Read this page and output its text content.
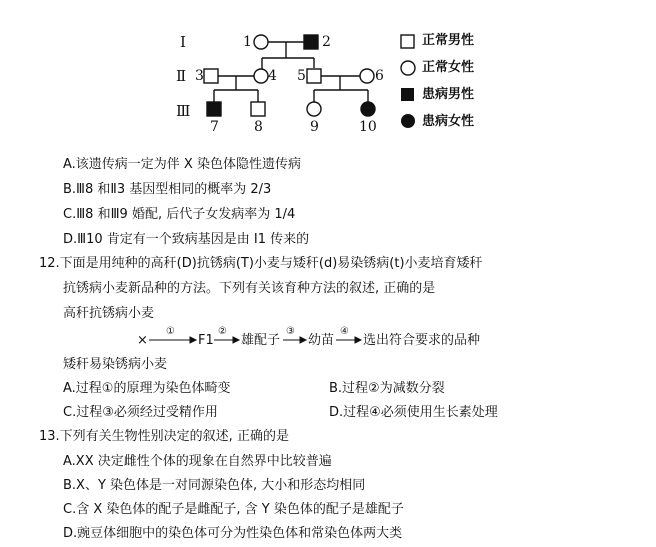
I
Ⅱ
Ⅲ
1	2
3	4 5	6
7	8	9	10
正常男性
正常女性
患病男性
患病女性
A.该遗传病一定为伴 X 染色体隐性遗传病
B.Ⅲ8 和Ⅱ3 基因型相同的概率为 2/3
C.Ⅲ8 和Ⅲ9 婚配, 后代子女发病率为 1/4
D.Ⅲ10 肯定有一个致病基因是由 I1 传来的
12.下面是用纯种的高秆(D)抗锈病(T)小麦与矮秆(d)易染锈病(t)小麦培育矮秆
抗锈病小麦新品种的方法。下列有关该育种方法的叙述, 正确的是
高秆抗锈病小麦
×
①
F1
②
雄配子
③
幼苗
④
选出符合要求的品种
矮秆易染锈病小麦
A.过程①的原理为染色体畸变	B.过程②为减数分裂
C.过程③必须经过受精作用	D.过程④必须使用生长素处理
13.下列有关生物性别决定的叙述, 正确的是
A.XX 决定雌性个体的现象在自然界中比较普遍
B.X、Y 染色体是一对同源染色体, 大小和形态均相同
C.含 X 染色体的配子是雌配子, 含 Y 染色体的配子是雄配子
D.豌豆体细胞中的染色体可分为性染色体和常染色体两大类
